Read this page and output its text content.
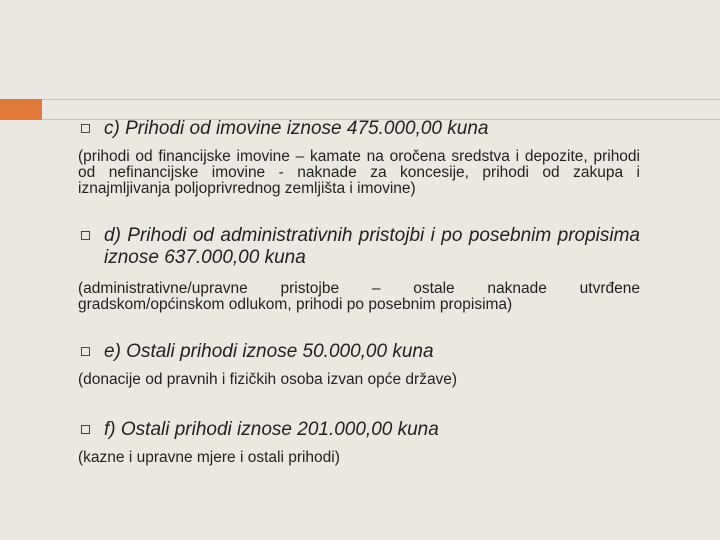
c) Prihodi od imovine iznose 475.000,00 kuna

(prihodi od financijske imovine – kamate na oročena sredstva i depozite, prihodi od nefinancijske imovine - naknade za koncesije, prihodi od zakupa i iznajmljivanja poljoprivrednog zemljišta i imovine)

d) Prihodi od administrativnih pristojbi i po posebnim propisima iznose 637.000,00 kuna

(administrativne/upravne pristojbe – ostale naknade utvrđene gradskom/općinskom odlukom, prihodi po posebnim propisima)

e) Ostali prihodi iznose 50.000,00 kuna

(donacije od pravnih i fizičkih osoba izvan opće države)

f) Ostali prihodi iznose 201.000,00 kuna

(kazne i upravne mjere i ostali prihodi)
